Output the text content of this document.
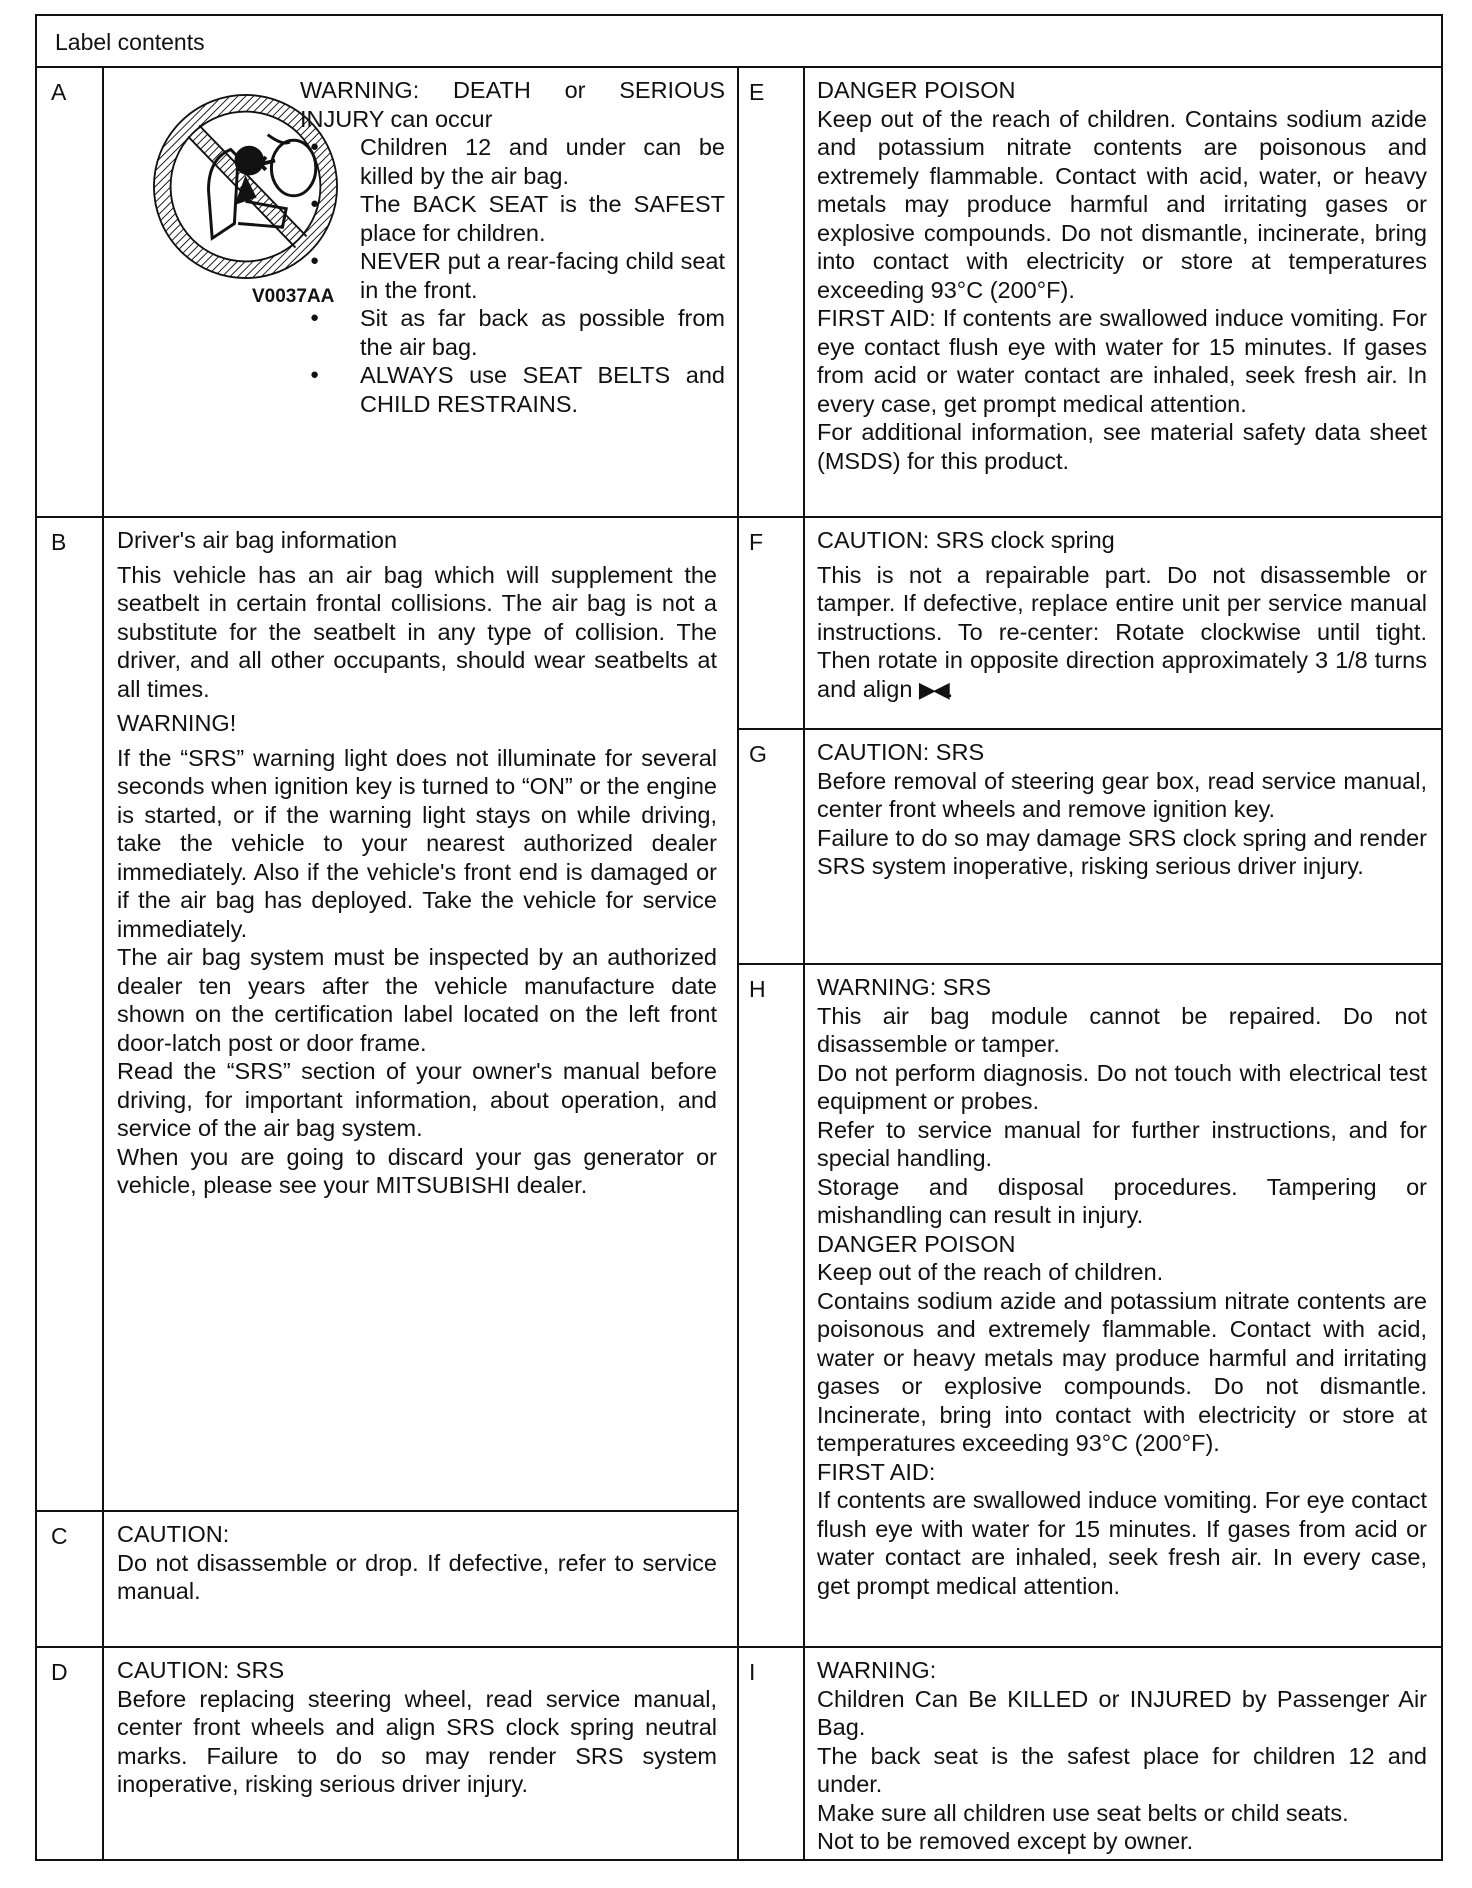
Label contents
A
B
C
D
E
F
G
H
I
V0037AA

WARNING: DEATH or SERIOUS INJURY can occur

● Children 12 and under can be killed by the air bag.
● The BACK SEAT is the SAFEST place for children.
● NEVER put a rear-facing child seat in the front.
● Sit as far back as possible from the air bag.
● ALWAYS use SEAT BELTS and CHILD RESTRAINS.

Driver's air bag information

This vehicle has an air bag which will supplement the seatbelt in certain frontal collisions. The air bag is not a substitute for the seatbelt in any type of collision. The driver, and all other occupants, should wear seatbelts at all times.

WARNING!

If the “SRS” warning light does not illuminate for several seconds when ignition key is turned to “ON” or the engine is started, or if the warning light stays on while driving, take the vehicle to your nearest authorized dealer immediately. Also if the vehicle's front end is damaged or if the air bag has deployed. Take the vehicle for service immediately.

The air bag system must be inspected by an authorized dealer ten years after the vehicle manufacture date shown on the certification label located on the left front door-latch post or door frame.

Read the “SRS” section of your owner's manual before driving, for important information, about operation, and service of the air bag system.

When you are going to discard your gas generator or vehicle, please see your MITSUBISHI dealer.

CAUTION:

Do not disassemble or drop. If defective, refer to service manual.

CAUTION: SRS

Before replacing steering wheel, read service manual, center front wheels and align SRS clock spring neutral marks. Failure to do so may render SRS system inoperative, risking serious driver injury.

DANGER POISON

Keep out of the reach of children. Contains sodium azide and potassium nitrate contents are poisonous and extremely flammable. Contact with acid, water, or heavy metals may produce harmful and irritating gases or explosive compounds. Do not dismantle, incinerate, bring into contact with electricity or store at temperatures exceeding 93°C (200°F).

FIRST AID: If contents are swallowed induce vomiting. For eye contact flush eye with water for 15 minutes. If gases from acid or water contact are inhaled, seek fresh air. In every case, get prompt medical attention.

For additional information, see material safety data sheet (MSDS) for this product.

CAUTION: SRS clock spring

This is not a repairable part. Do not disassemble or tamper. If defective, replace entire unit per service manual instructions. To re-center: Rotate clockwise until tight. Then rotate in opposite direction approximately 3 1/8 turns and align ▶◀.

CAUTION: SRS

Before removal of steering gear box, read service manual, center front wheels and remove ignition key.

Failure to do so may damage SRS clock spring and render SRS system inoperative, risking serious driver injury.

WARNING: SRS

This air bag module cannot be repaired. Do not disassemble or tamper.

Do not perform diagnosis. Do not touch with electrical test equipment or probes.

Refer to service manual for further instructions, and for special handling.

Storage and disposal procedures. Tampering or mishandling can result in injury.

DANGER POISON

Keep out of the reach of children.

Contains sodium azide and potassium nitrate contents are poisonous and extremely flammable. Contact with acid, water or heavy metals may produce harmful and irritating gases or explosive compounds. Do not dismantle. Incinerate, bring into contact with electricity or store at temperatures exceeding 93°C (200°F).

FIRST AID:

If contents are swallowed induce vomiting. For eye contact flush eye with water for 15 minutes. If gases from acid or water contact are inhaled, seek fresh air. In every case, get prompt medical attention.

WARNING:

Children Can Be KILLED or INJURED by Passenger Air Bag.

The back seat is the safest place for children 12 and under.

Make sure all children use seat belts or child seats.

Not to be removed except by owner.
